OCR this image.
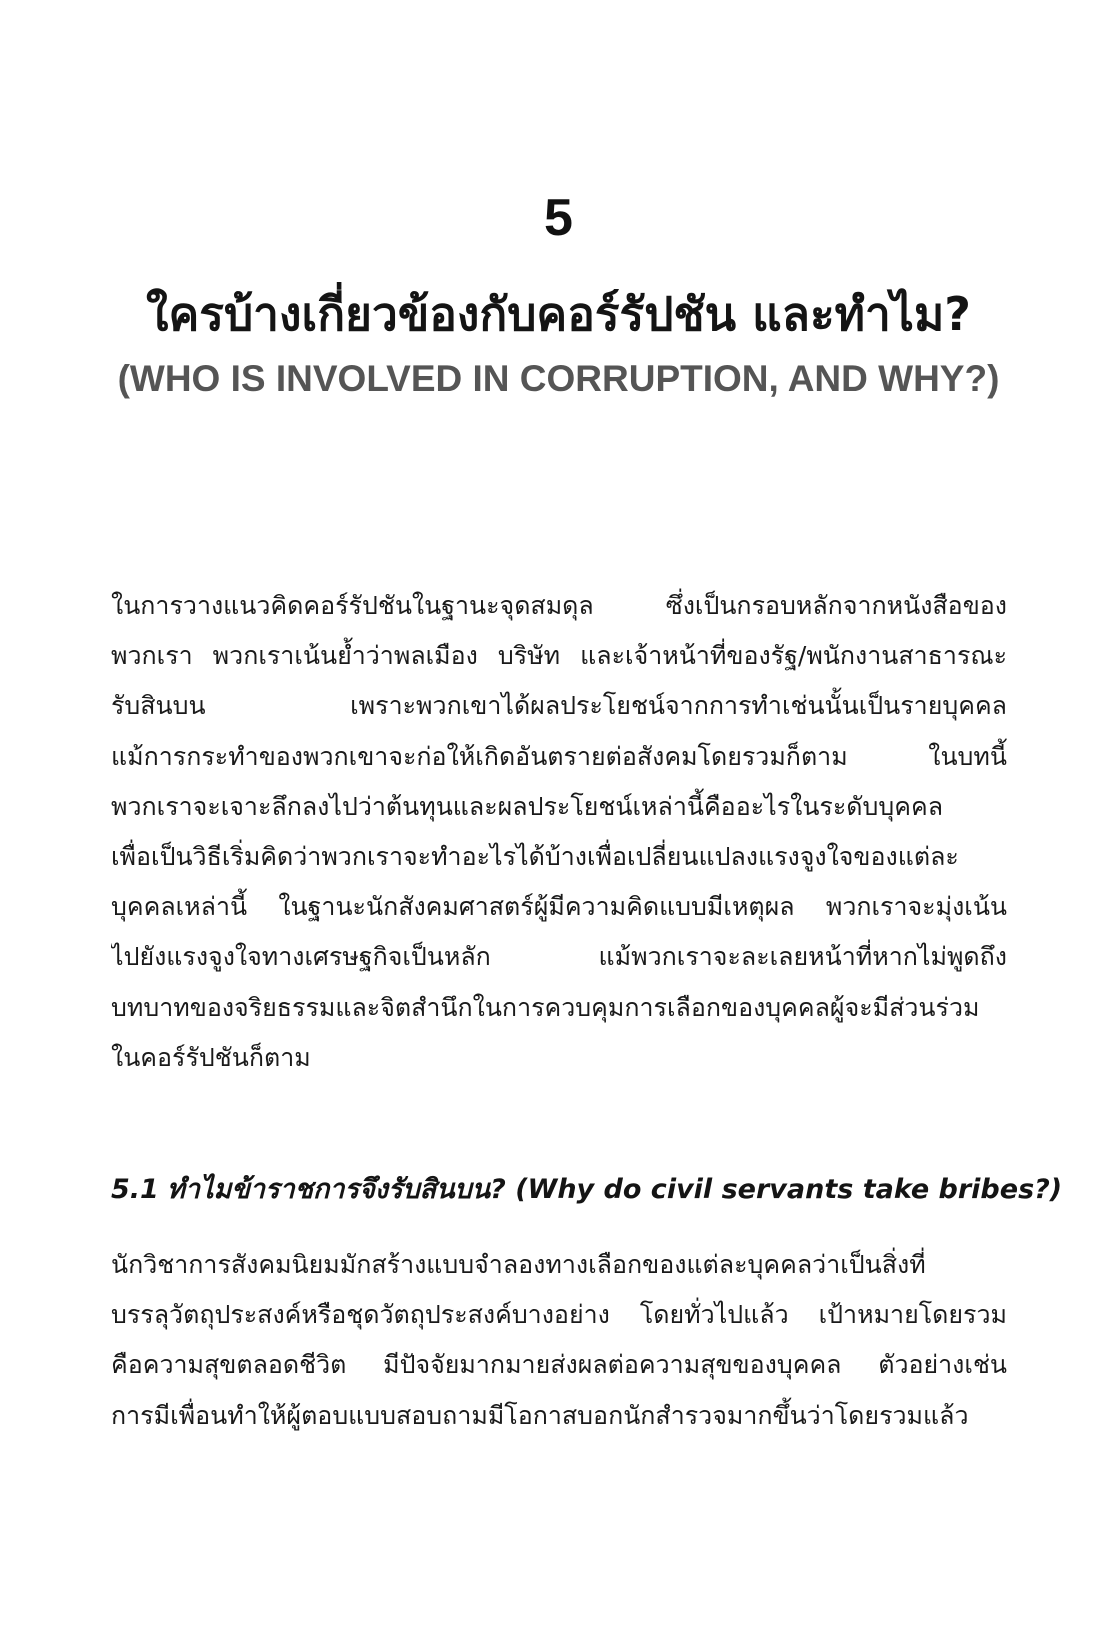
5
ใครบ้างเกี่ยวข้องกับคอร์รัปชัน และทำไม?
(WHO IS INVOLVED IN CORRUPTION, AND WHY?)
ในการวางแนวคิดคอร์รัปชันในฐานะจุดสมดุล ซึ่งเป็นกรอบหลักจากหนังสือของ
พวกเรา พวกเราเน้นย้ำว่าพลเมือง บริษัท และเจ้าหน้าที่ของรัฐ/พนักงานสาธารณะ
รับสินบน เพราะพวกเขาได้ผลประโยชน์จากการทำเช่นนั้นเป็นรายบุคคล
แม้การกระทำของพวกเขาจะก่อให้เกิดอันตรายต่อสังคมโดยรวมก็ตาม ในบทนี้
พวกเราจะเจาะลึกลงไปว่าต้นทุนและผลประโยชน์เหล่านี้คืออะไรในระดับบุคคล
เพื่อเป็นวิธีเริ่มคิดว่าพวกเราจะทำอะไรได้บ้างเพื่อเปลี่ยนแปลงแรงจูงใจของแต่ละ
บุคคลเหล่านี้ ในฐานะนักสังคมศาสตร์ผู้มีความคิดแบบมีเหตุผล พวกเราจะมุ่งเน้น
ไปยังแรงจูงใจทางเศรษฐกิจเป็นหลัก แม้พวกเราจะละเลยหน้าที่หากไม่พูดถึง
บทบาทของจริยธรรมและจิตสำนึกในการควบคุมการเลือกของบุคคลผู้จะมีส่วนร่วม
ในคอร์รัปชันก็ตาม
5.1 ทำไมข้าราชการจึงรับสินบน? (Why do civil servants take bribes?)
นักวิชาการสังคมนิยมมักสร้างแบบจำลองทางเลือกของแต่ละบุคคลว่าเป็นสิ่งที่
บรรลุวัตถุประสงค์หรือชุดวัตถุประสงค์บางอย่าง โดยทั่วไปแล้ว เป้าหมายโดยรวม
คือความสุขตลอดชีวิต มีปัจจัยมากมายส่งผลต่อความสุขของบุคคล ตัวอย่างเช่น
การมีเพื่อนทำให้ผู้ตอบแบบสอบถามมีโอกาสบอกนักสำรวจมากขึ้นว่าโดยรวมแล้ว
